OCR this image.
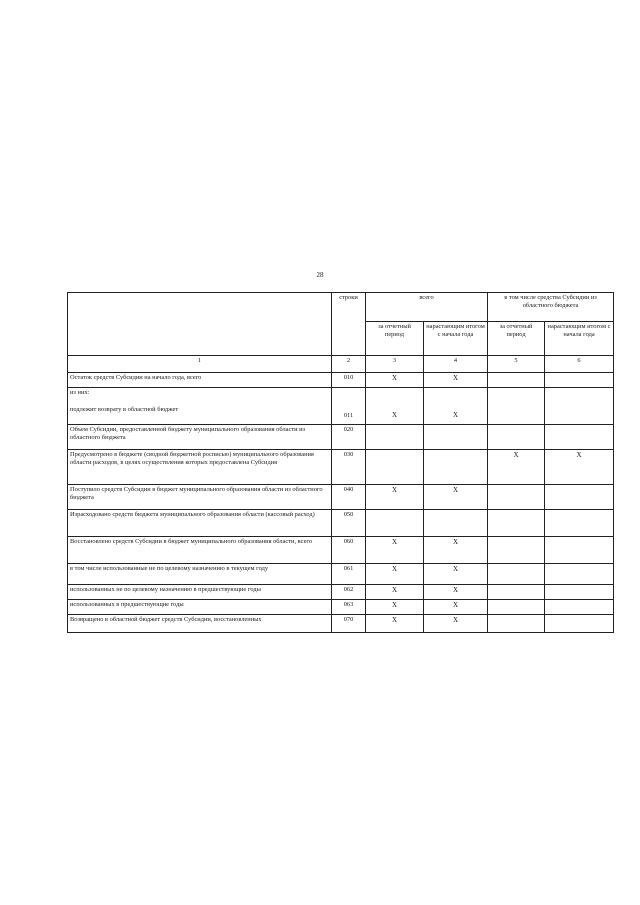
28
	строки	всего		в том числе средства Субсидии из областного бюджета	
		за отчетный период	нарастающим итогом с начала года	за отчетный период	нарастающим итогом с начала года
1	2	3	4	5	6
Остаток средств Субсидии на начало года, всего	010	X	X		

из них:
подлежит возврату в областной бюджет	011	X	X		
Объем Субсидии, предоставленной бюджету муниципального образования области из областного бюджета	020				
Предусмотрено в бюджете (сводной бюджетной росписью) муниципального образования области расходов, в целях осуществления которых предоставлена Субсидия	030			X	X
Поступило средств Субсидии в бюджет муниципального образования области из областного бюджета	040	X	X		
Израсходовано средств бюджета муниципального образования области (кассовый расход)	050				
Восстановлено средств Субсидии в бюджет муниципального образования области, всего	060	X	X		
в том числе использованные не по целевому назначению в текущем году	061	X	X		
использованных не по целевому назначению в предшествующие годы	062	X	X		
использованных в предшествующие годы	063	X	X		
Возвращено в областной бюджет средств Субсидии, восстановленных	070	X	X		
